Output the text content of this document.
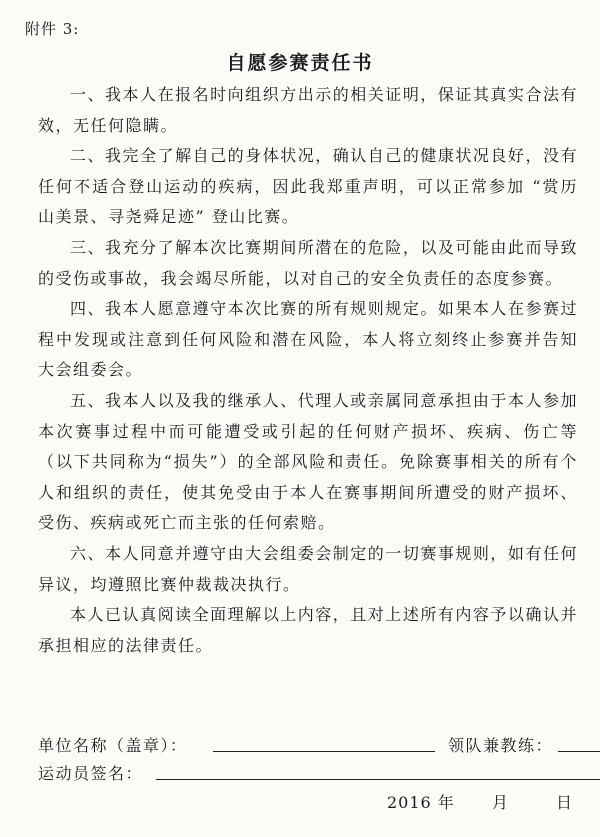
附件 3:
自愿参赛责任书

一、我本人在报名时向组织方出示的相关证明，保证其真实合法有效，无任何隐瞒。

二、我完全了解自己的身体状况，确认自己的健康状况良好，没有任何不适合登山运动的疾病，因此我郑重声明，可以正常参加 “赏历山美景、寻尧舜足迹” 登山比赛。

三、我充分了解本次比赛期间所潜在的危险，以及可能由此而导致的受伤或事故，我会竭尽所能，以对自己的安全负责任的态度参赛。

四、我本人愿意遵守本次比赛的所有规则规定。如果本人在参赛过程中发现或注意到任何风险和潜在风险，本人将立刻终止参赛并告知大会组委会。

五、我本人以及我的继承人、代理人或亲属同意承担由于本人参加本次赛事过程中而可能遭受或引起的任何财产损坏、疾病、伤亡等（以下共同称为“损失”）的全部风险和责任。免除赛事相关的所有个人和组织的责任，使其免受由于本人在赛事期间所遭受的财产损坏、受伤、疾病或死亡而主张的任何索赔。

六、本人同意并遵守由大会组委会制定的一切赛事规则，如有任何异议，均遵照比赛仲裁裁决执行。

本人已认真阅读全面理解以上内容，且对上述所有内容予以确认并承担相应的法律责任。

单位名称（盖章）：	领队兼教练：
运动员签名：
2016 年 月	日
